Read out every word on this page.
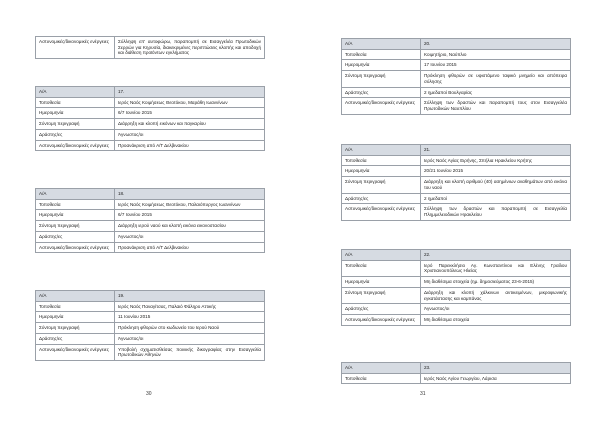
Αστυνομικές/δικονομικές ενέργειες	Σύλληψη επ' αυτοφώρω, παραπομπή σε Εισαγγελέα Πρωτοδικών Σερρών για Κηρυσία, διακεκριμένες περιπτώσεις κλοπής και αποδοχή και διάθεση προϊόντων εγκλήματος
Α/Α	17.
Τοποθεσία	Ιερός Ναός Κοιμήσεως Θεοτόκου, Μαράθη Ιωαννίνων
Ημερομηνία	6/7 Ιουνίου 2015
Σύντομη περιγραφή	Διάρρηξη και κλοπή εικόνων και παγκαρίου
Δράστης/ες	Άγνωστος/οι
Αστυνομικές/δικονομικές ενέργειες	Προανάκριση από Α/Τ Δελβινακίου
Α/Α	18.
Τοποθεσία	Ιερός Ναός Κοιμήσεως Θεοτόκου, Παλαιόπυργος Ιωαννίνων
Ημερομηνία	6/7 Ιουνίου 2015
Σύντομη περιγραφή	Διάρρηξη ιερού ναού και κλοπή εικόνα εικονοστασίου
Δράστης/ες	Άγνωστος/οι
Αστυνομικές/δικονομικές ενέργειες	Προανάκριση από Α/Τ Δελβινακίου
Α/Α	19.
Τοποθεσία	Ιερός Ναός Παναγίτσας, Παλαιό Φάληρο Αττικής
Ημερομηνία	11 Ιουνίου 2015
Σύντομη περιγραφή	Πρόκληση φθορών στο κωδωνείο του Ιερού Ναού
Δράστης/ες	Άγνωστος/οι
Αστυνομικές/δικονομικές ενέργειες	Υποβολή σχηματισθείσας ποινικής δικογραφίας στην Εισαγγελία Πρωτοδικών Αθηνών
30
Α/Α	20.
Τοποθεσία	Κοιμητήριο, Ναύπλιο
Ημερομηνία	17 Ιουνίου 2015
Σύντομη περιγραφή	Πρόκληση φθορών σε υφιστάμενο ταφικό μνημείο και απόπειρα σύλησης
Δράστης/ες	2 ημεδαποί Βουλγαρίας
Αστυνομικές/δικονομικές ενέργειες	Σύλληψη των δραστών και παραπομπή τους στον Εισαγγελέα Πρωτοδικών Ναυπλίου
Α/Α	21.
Τοποθεσία	Ιερός Ναός Αγίας Ειρήνης, Σπήλια Ηρακλείου Κρήτης
Ημερομηνία	20/21 Ιουνίου 2015
Σύντομη περιγραφή	Διάρρηξη και κλοπή αριθμού (40) ασημένιων αναθημάτων από εικόνα του ναού
Δράστης/ες	2 ημεδαποί
Αστυνομικές/δικονομικές ενέργειες	Σύλληψη των δραστών και παραπομπή σε Εισαγγελία Πλημμελειοδικών Ηρακλείου
Α/Α	22.
Τοποθεσία	Ιερό Παρεκκλήσιο Αγ. Κωνσταντίνου και Ελένης Γραίλου Χριστιανουπόλεως Ηλείας
Ημερομηνία	Μη διαθέσιμα στοιχεία (ημ. δημοσιεύματος 23-6-2015)
Σύντομη περιγραφή	Διάρρηξη και κλοπή χάλκινων αντικειμένων, μικροφωνικής εγκατάστασης και καμπάνας
Δράστης/ες	Άγνωστος/οι
Αστυνομικές/δικονομικές ενέργειες	Μη διαθέσιμα στοιχεία
Α/Α	23.
Τοποθεσία	Ιερός Ναός Αγίου Γεωργίου, Λάρισα
31
